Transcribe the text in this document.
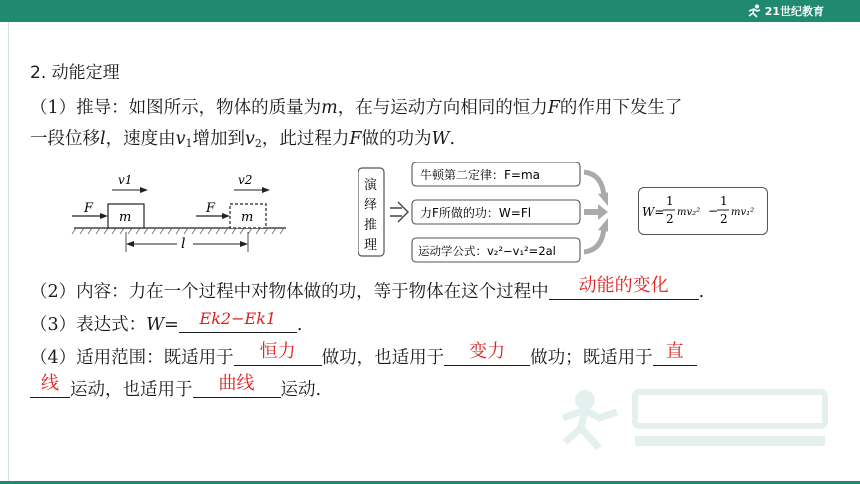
21世纪教育
2. 动能定理
（1）推导：如图所示，物体的质量为m，在与运动方向相同的恒力F的作用下发生了
一段位移l，速度由$v_1$增加到$v_2$，此过程力F做的功为W.
m
F
v1
m
F
v2
l
演
绎
推
理
牛顿第二定律：F=ma
力F所做的功：W=Fl
运动学公式：v₂²−v₁²=2al
W=
1
2 mv₂² −
1
2 mv₁²
（2）内容：力在一个过程中对物体做的功，等于物体在这个过程中	动能的变化	.
（3）表达式：W=	Ek2−Ek1	.
（4）适用范围：既适用于	恒力	做功，也适用于	变力	做功；既适用于 直
线 运动，也适用于	曲线	运动.
